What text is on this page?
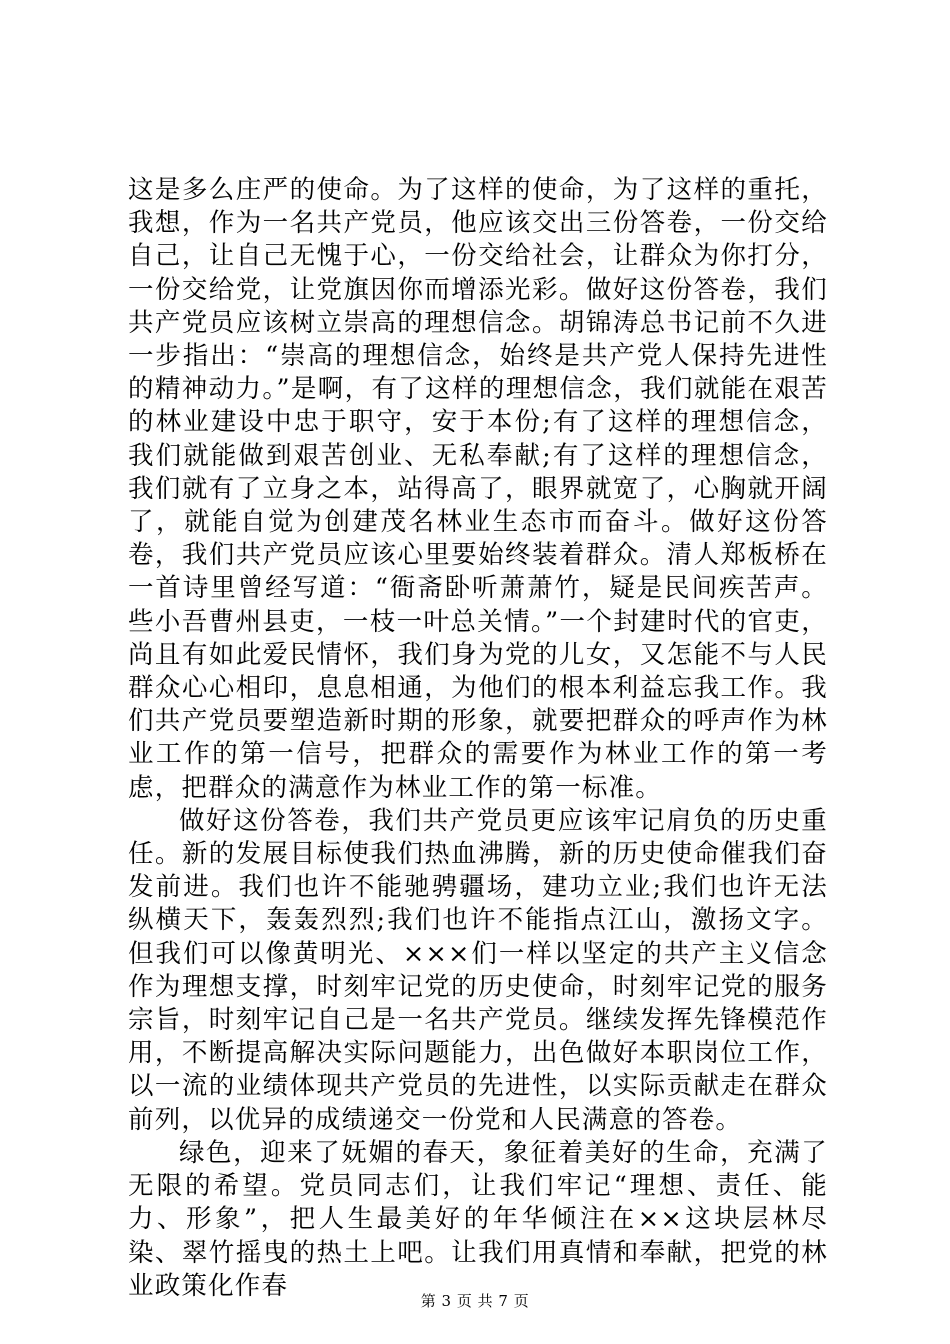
这是多么庄严的使命。为了这样的使命，为了这样的重托，我想，作为一名共产党员，他应该交出三份答卷，一份交给自己，让自己无愧于心，一份交给社会，让群众为你打分，一份交给党，让党旗因你而增添光彩。做好这份答卷，我们共产党员应该树立崇高的理想信念。胡锦涛总书记前不久进一步指出：“崇高的理想信念，始终是共产党人保持先进性的精神动力。”是啊，有了这样的理想信念，我们就能在艰苦的林业建设中忠于职守，安于本份;有了这样的理想信念，我们就能做到艰苦创业、无私奉献;有了这样的理想信念，我们就有了立身之本，站得高了，眼界就宽了，心胸就开阔了，就能自觉为创建茂名林业生态市而奋斗。做好这份答卷，我们共产党员应该心里要始终装着群众。清人郑板桥在一首诗里曾经写道：“衙斋卧听萧萧竹，疑是民间疾苦声。些小吾曹州县吏，一枝一叶总关情。”一个封建时代的官吏，尚且有如此爱民情怀，我们身为党的儿女，又怎能不与人民群众心心相印，息息相通，为他们的根本利益忘我工作。我们共产党员要塑造新时期的形象，就要把群众的呼声作为林业工作的第一信号，把群众的需要作为林业工作的第一考虑，把群众的满意作为林业工作的第一标准。

做好这份答卷，我们共产党员更应该牢记肩负的历史重任。新的发展目标使我们热血沸腾，新的历史使命催我们奋发前进。我们也许不能驰骋疆场，建功立业;我们也许无法纵横天下，轰轰烈烈;我们也许不能指点江山，激扬文字。但我们可以像黄明光、×××们一样以坚定的共产主义信念作为理想支撑，时刻牢记党的历史使命，时刻牢记党的服务宗旨，时刻牢记自己是一名共产党员。继续发挥先锋模范作用，不断提高解决实际问题能力，出色做好本职岗位工作，以一流的业绩体现共产党员的先进性，以实际贡献走在群众前列，以优异的成绩递交一份党和人民满意的答卷。

绿色，迎来了妩媚的春天，象征着美好的生命，充满了无限的希望。党员同志们，让我们牢记“理想、责任、能力、形象”，把人生最美好的年华倾注在××这块层林尽染、翠竹摇曳的热土上吧。让我们用真情和奉献，把党的林业政策化作春

第 3 页 共 7 页
